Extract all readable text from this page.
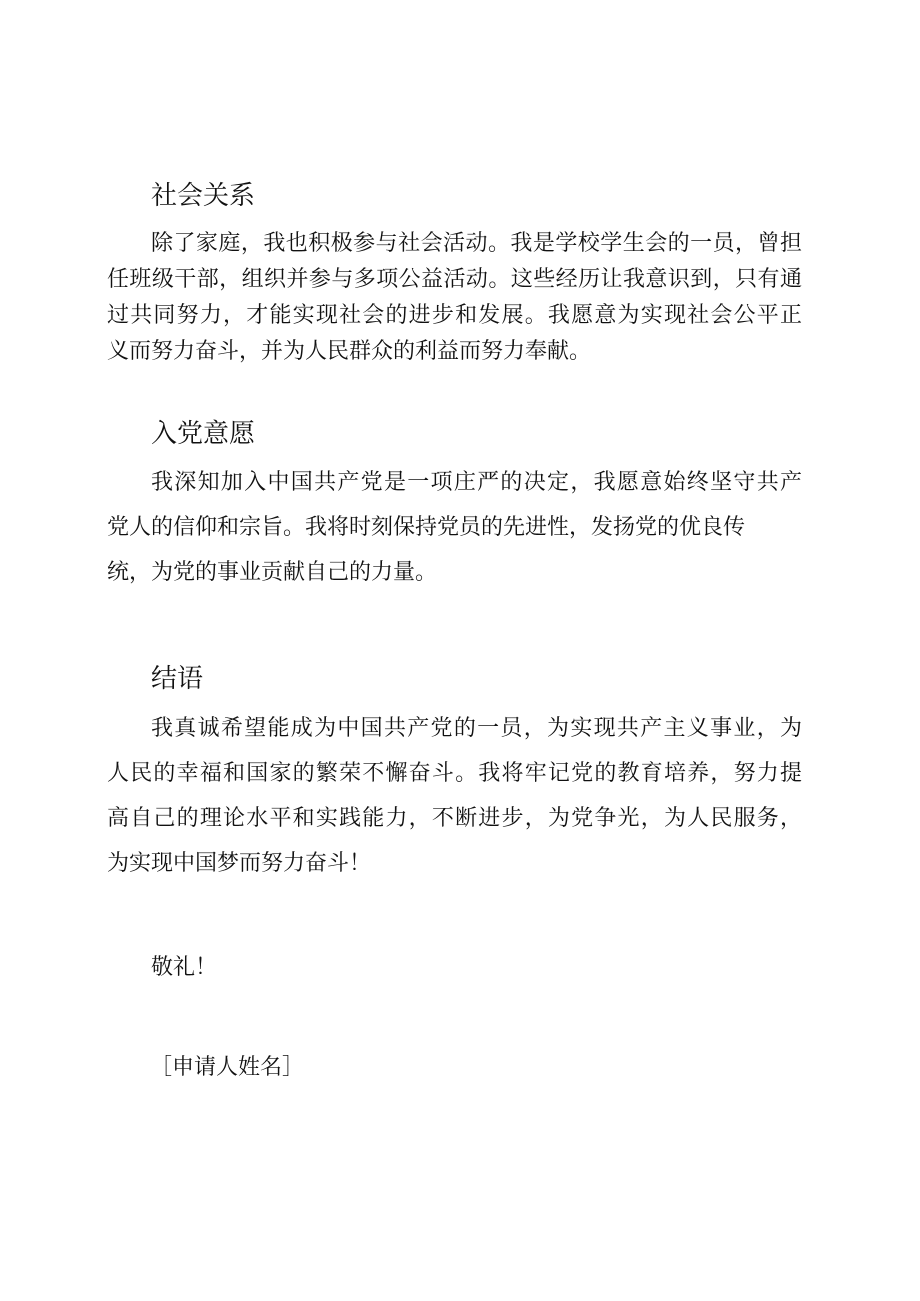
社会关系
除了家庭，我也积极参与社会活动。我是学校学生会的一员，曾担
任班级干部，组织并参与多项公益活动。这些经历让我意识到，只有通
过共同努力，才能实现社会的进步和发展。我愿意为实现社会公平正
义而努力奋斗，并为人民群众的利益而努力奉献。
入党意愿
我深知加入中国共产党是一项庄严的决定，我愿意始终坚守共产
党人的信仰和宗旨。我将时刻保持党员的先进性，发扬党的优良传
统，为党的事业贡献自己的力量。
结语
我真诚希望能成为中国共产党的一员，为实现共产主义事业，为
人民的幸福和国家的繁荣不懈奋斗。我将牢记党的教育培养，努力提
高自己的理论水平和实践能力，不断进步，为党争光，为人民服务，
为实现中国梦而努力奋斗！
敬礼！
［申请人姓名］
